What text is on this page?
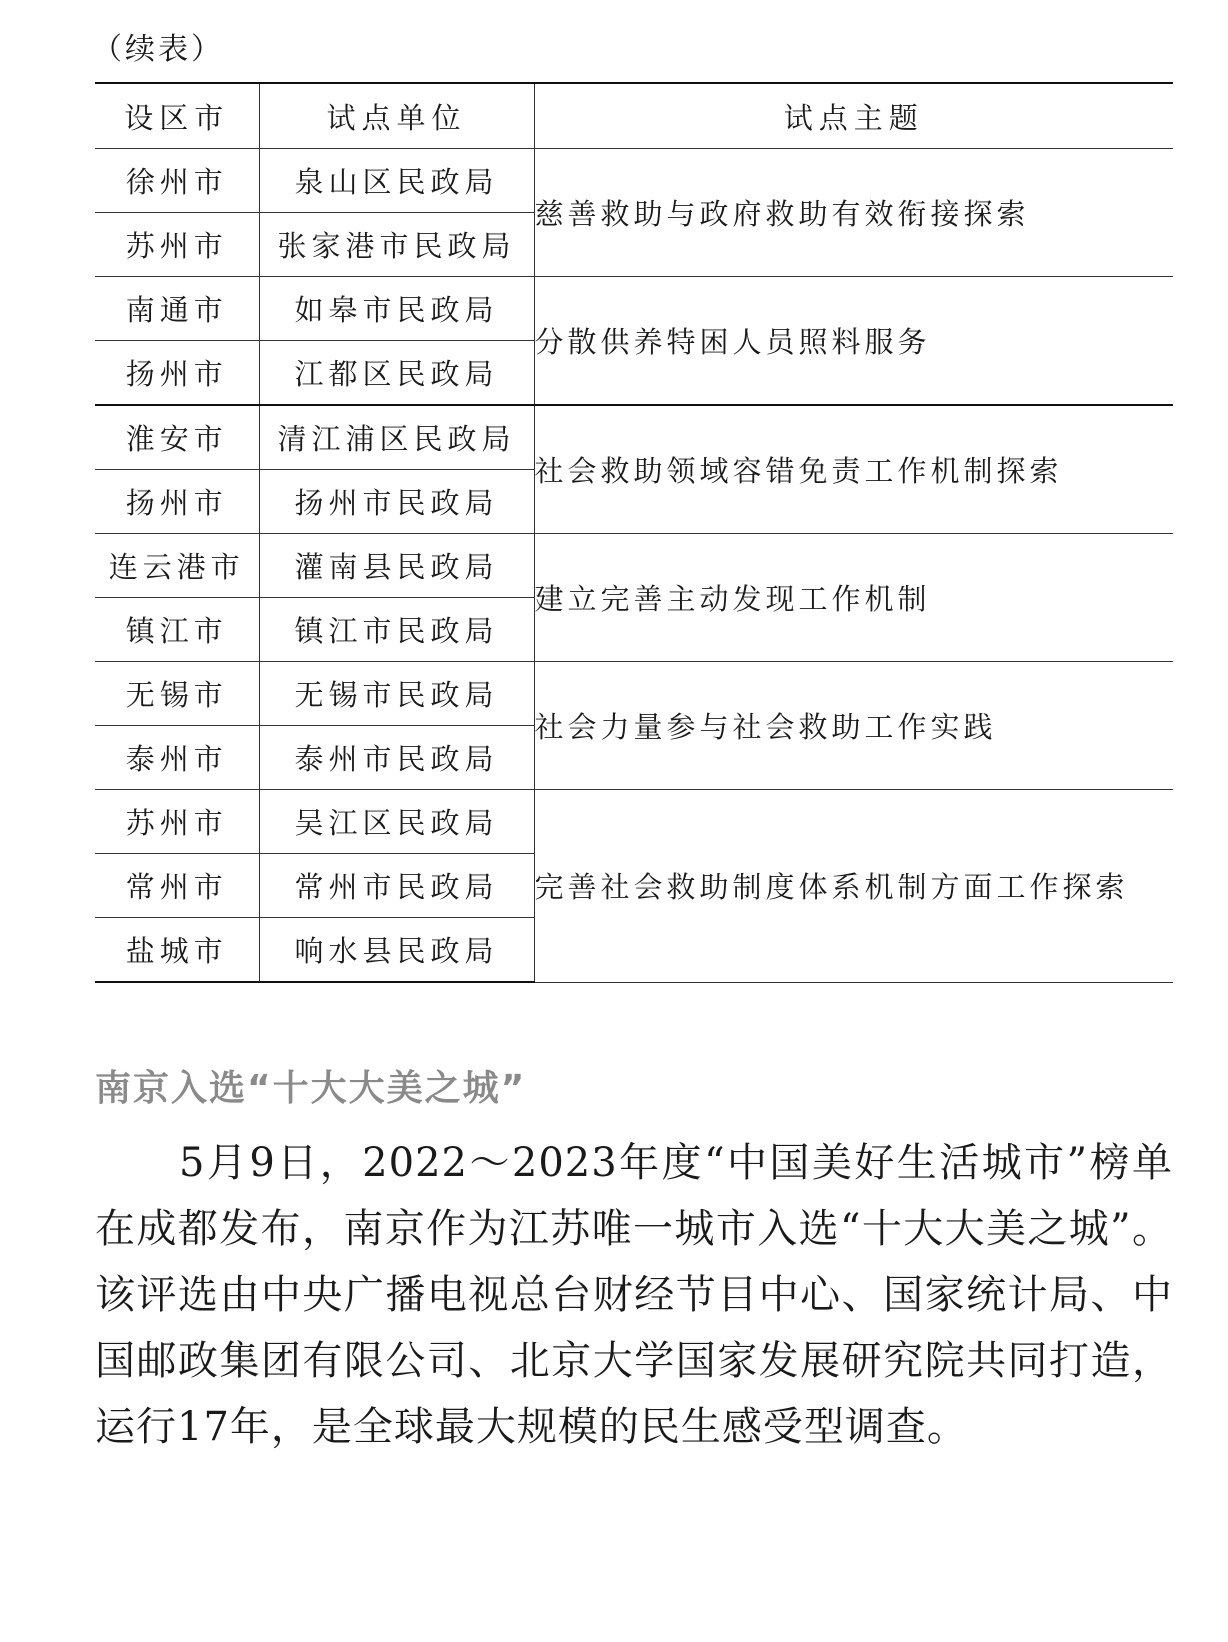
（续表）
设区市	试点单位	试点主题
徐州市	泉山区民政局	慈善救助与政府救助有效衔接探索
苏州市	张家港市民政局	
南通市	如皋市民政局	分散供养特困人员照料服务
扬州市	江都区民政局	
淮安市	清江浦区民政局	社会救助领域容错免责工作机制探索
扬州市	扬州市民政局	
连云港市	灌南县民政局	建立完善主动发现工作机制
镇江市	镇江市民政局	
无锡市	无锡市民政局	社会力量参与社会救助工作实践
泰州市	泰州市民政局	
苏州市	吴江区民政局	完善社会救助制度体系机制方面工作探索
常州市	常州市民政局	
盐城市	响水县民政局	
南京入选“十大大美之城”

5月9日，2022～2023年度“中国美好生活城市”榜单在成都发布，南京作为江苏唯一城市入选“十大大美之城”。该评选由中央广播电视总台财经节目中心、国家统计局、中国邮政集团有限公司、北京大学国家发展研究院共同打造，运行17年，是全球最大规模的民生感受型调查。
